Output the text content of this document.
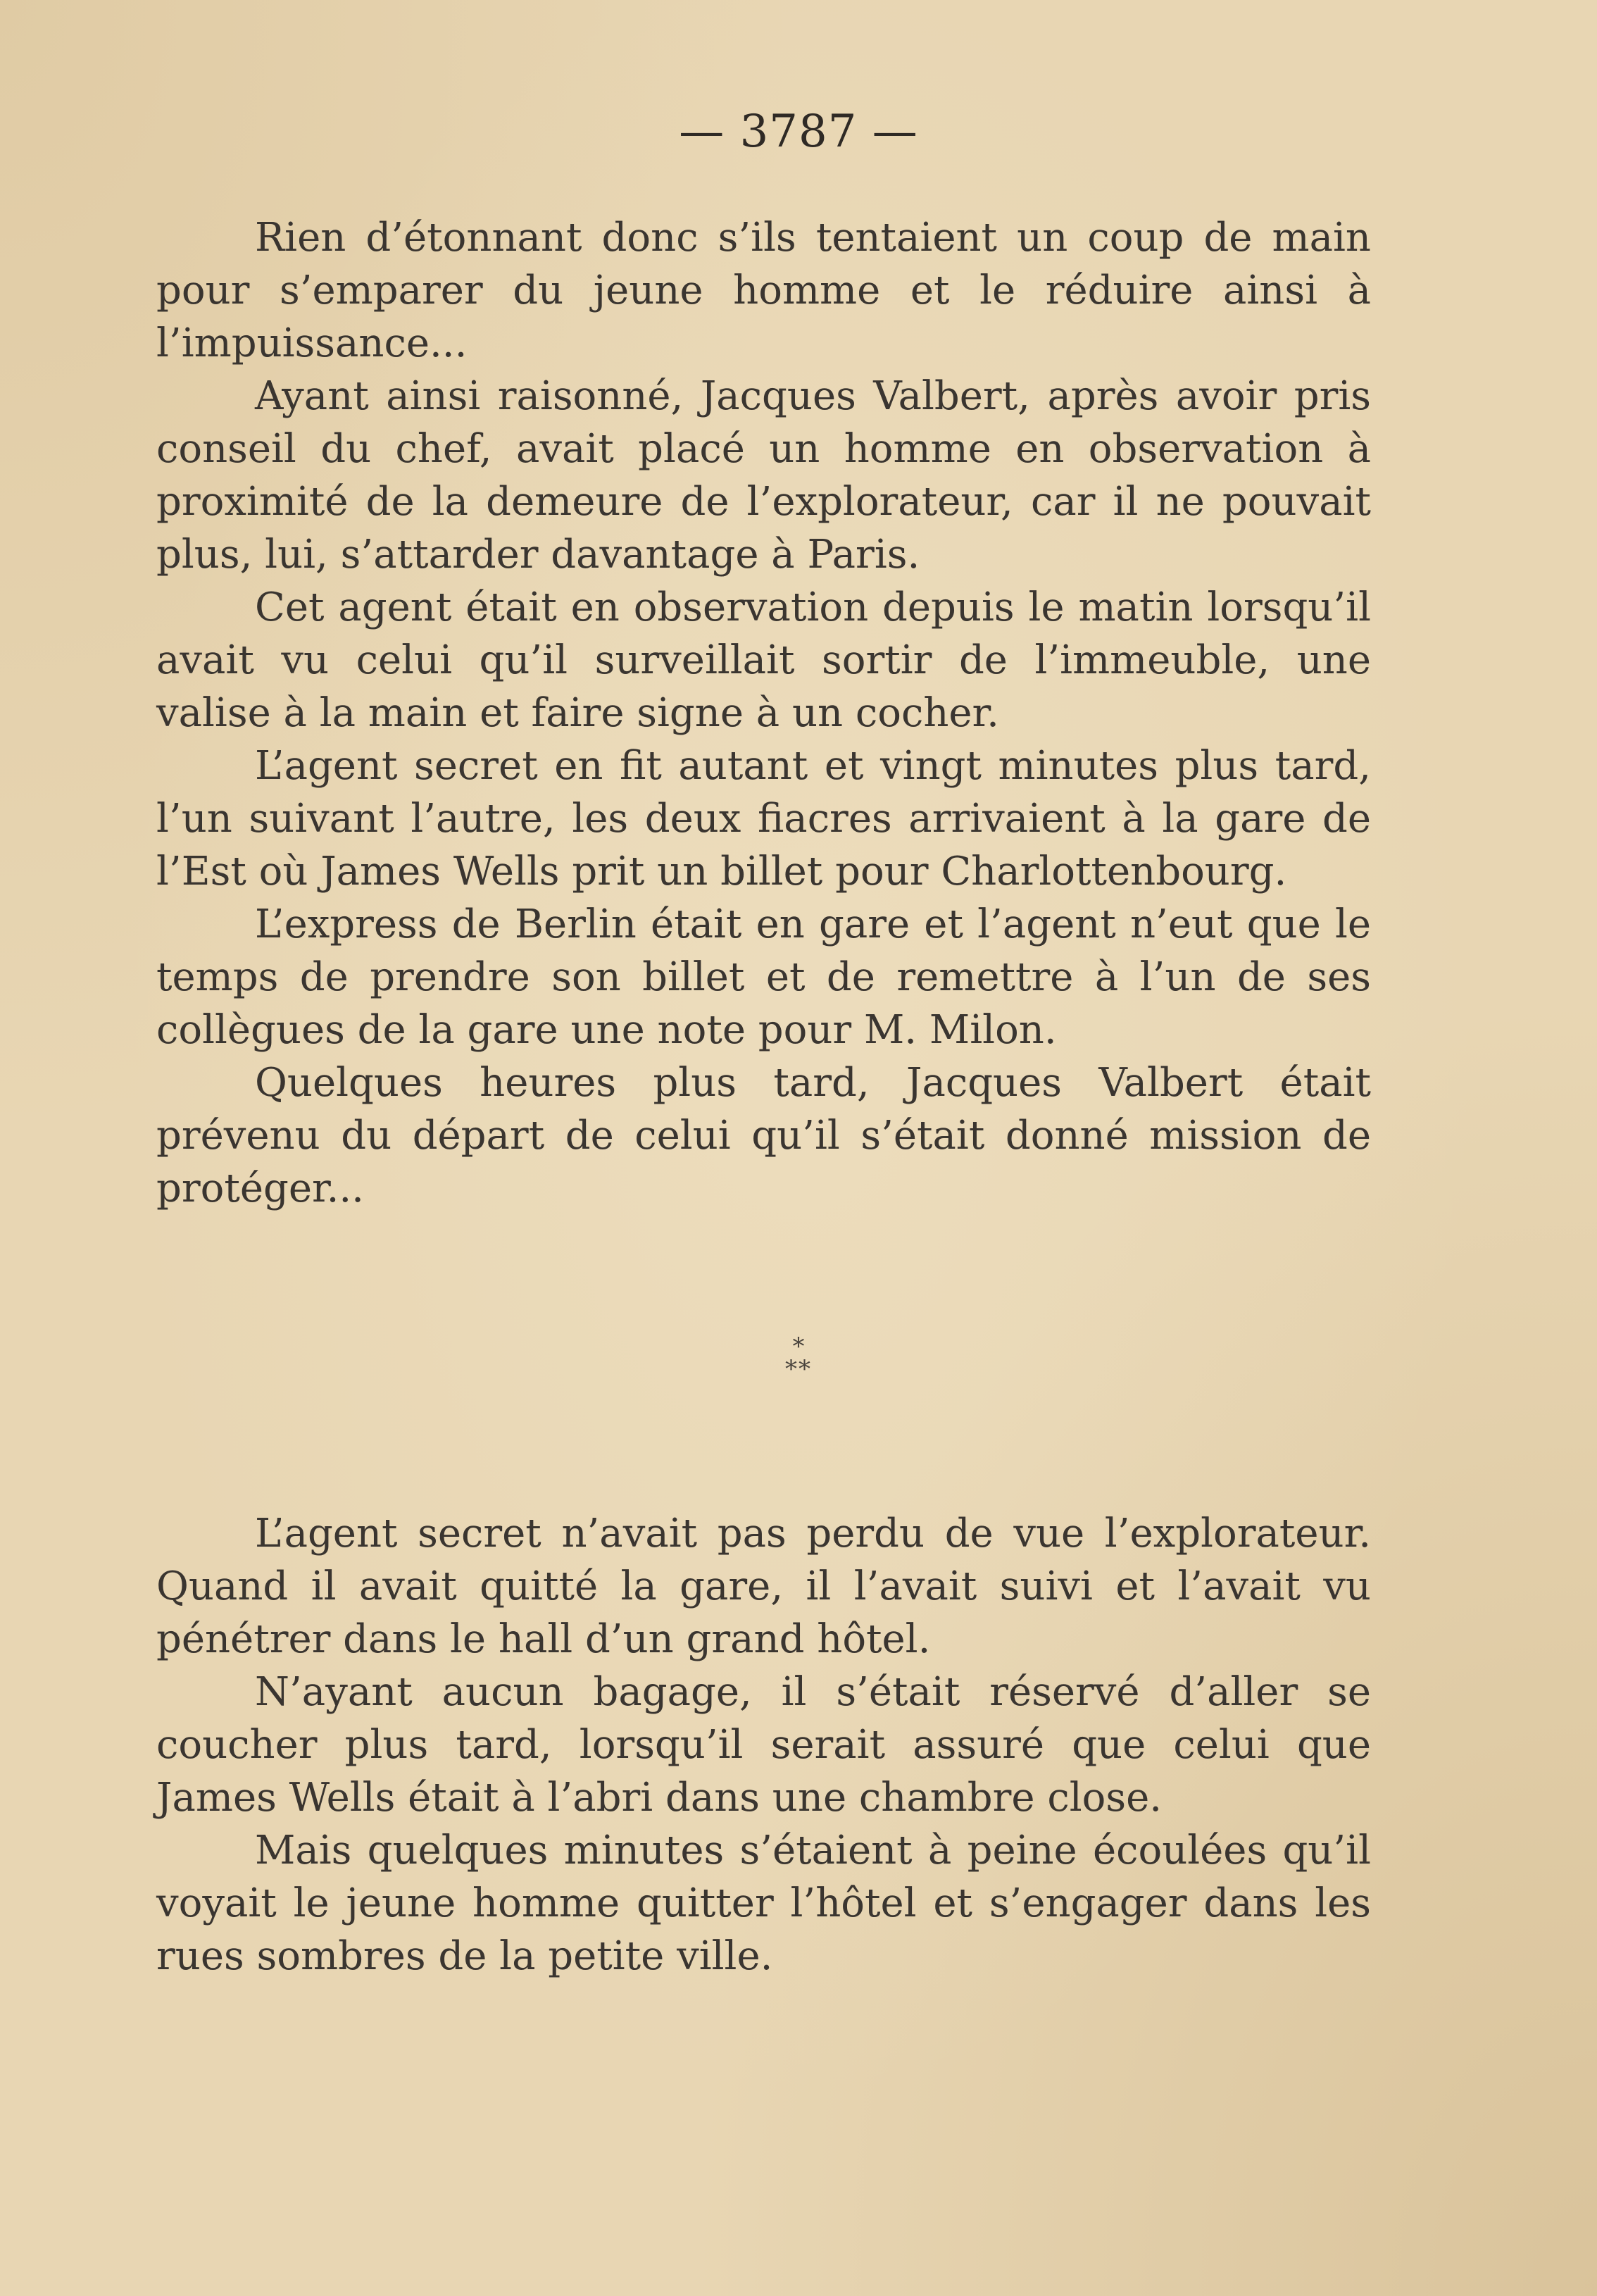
— 3787 —

Rien d’étonnant donc s’ils tentaient un coup de main pour s’emparer du jeune homme et le réduire ainsi à l’impuissance...

Ayant ainsi raisonné, Jacques Valbert, après avoir pris conseil du chef, avait placé un homme en observation à proximité de la demeure de l’explorateur, car il ne pouvait plus, lui, s’attarder davantage à Paris.

Cet agent était en observation depuis le matin lorsqu’il avait vu celui qu’il surveillait sortir de l’immeuble, une valise à la main et faire signe à un cocher.

L’agent secret en fit autant et vingt minutes plus tard, l’un suivant l’autre, les deux fiacres arrivaient à la gare de l’Est où James Wells prit un billet pour Charlottenbourg.

L’express de Berlin était en gare et l’agent n’eut que le temps de prendre son billet et de remettre à l’un de ses collègues de la gare une note pour M. Milon.

Quelques heures plus tard, Jacques Valbert était prévenu du départ de celui qu’il s’était donné mission de protéger...

*
**

L’agent secret n’avait pas perdu de vue l’explorateur. Quand il avait quitté la gare, il l’avait suivi et l’avait vu pénétrer dans le hall d’un grand hôtel.

N’ayant aucun bagage, il s’était réservé d’aller se coucher plus tard, lorsqu’il serait assuré que celui que James Wells était à l’abri dans une chambre close.

Mais quelques minutes s’étaient à peine écoulées qu’il voyait le jeune homme quitter l’hôtel et s’engager dans les rues sombres de la petite ville.
